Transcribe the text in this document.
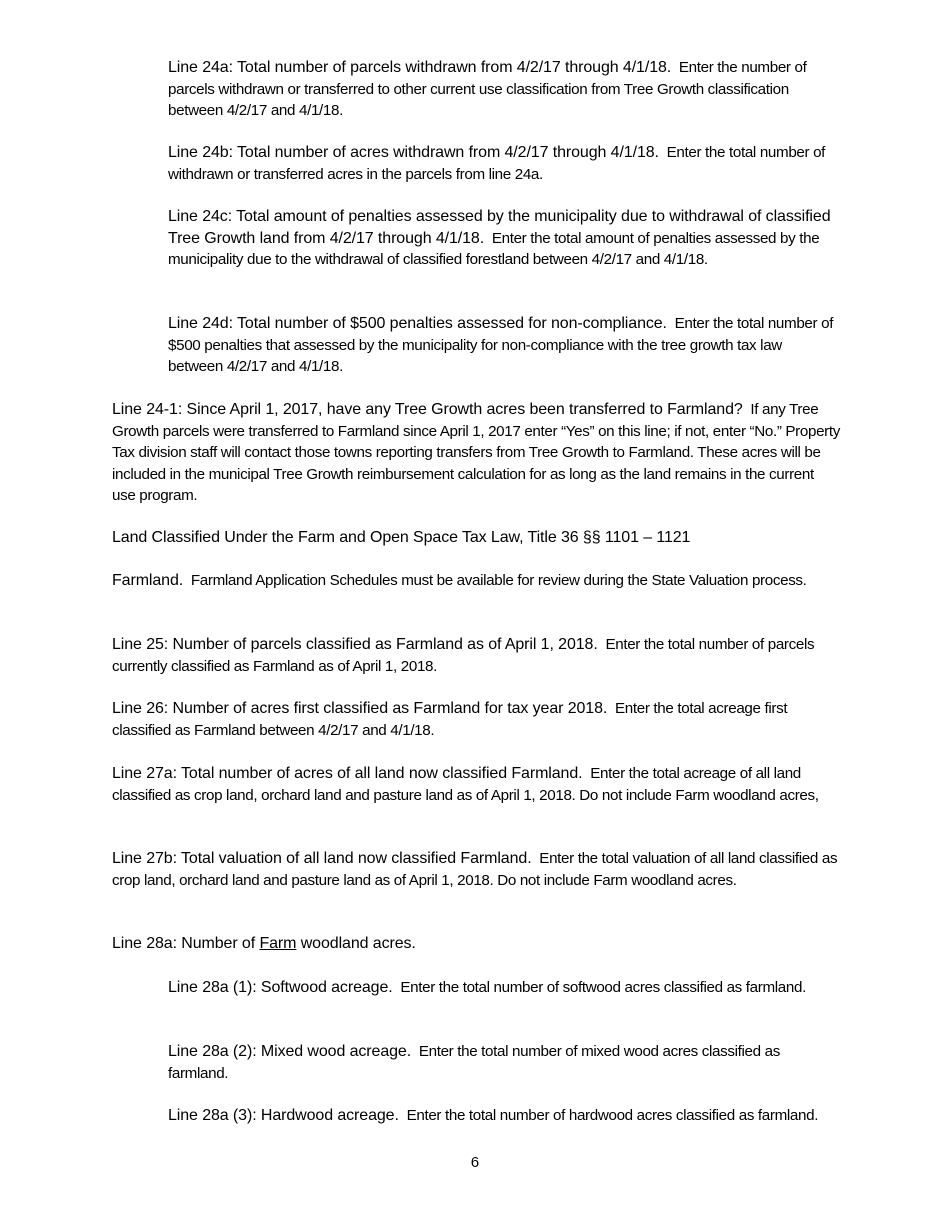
Line 24a: Total number of parcels withdrawn from 4/2/17 through 4/1/18. Enter the number of parcels withdrawn or transferred to other current use classification from Tree Growth classification between 4/2/17 and 4/1/18.

Line 24b: Total number of acres withdrawn from 4/2/17 through 4/1/18. Enter the total number of withdrawn or transferred acres in the parcels from line 24a.

Line 24c: Total amount of penalties assessed by the municipality due to withdrawal of classified Tree Growth land from 4/2/17 through 4/1/18. Enter the total amount of penalties assessed by the municipality due to the withdrawal of classified forestland between 4/2/17 and 4/1/18.

Line 24d: Total number of $500 penalties assessed for non-compliance. Enter the total number of $500 penalties that assessed by the municipality for non-compliance with the tree growth tax law between 4/2/17 and 4/1/18.

Line 24-1: Since April 1, 2017, have any Tree Growth acres been transferred to Farmland? If any Tree Growth parcels were transferred to Farmland since April 1, 2017 enter “Yes” on this line; if not, enter “No.” Property Tax division staff will contact those towns reporting transfers from Tree Growth to Farmland. These acres will be included in the municipal Tree Growth reimbursement calculation for as long as the land remains in the current use program.

Land Classified Under the Farm and Open Space Tax Law, Title 36 §§ 1101 – 1121

Farmland. Farmland Application Schedules must be available for review during the State Valuation process.

Line 25: Number of parcels classified as Farmland as of April 1, 2018. Enter the total number of parcels currently classified as Farmland as of April 1, 2018.

Line 26: Number of acres first classified as Farmland for tax year 2018. Enter the total acreage first classified as Farmland between 4/2/17 and 4/1/18.

Line 27a: Total number of acres of all land now classified Farmland. Enter the total acreage of all land classified as crop land, orchard land and pasture land as of April 1, 2018. Do not include Farm woodland acres,

Line 27b: Total valuation of all land now classified Farmland. Enter the total valuation of all land classified as crop land, orchard land and pasture land as of April 1, 2018. Do not include Farm woodland acres.

Line 28a: Number of Farm woodland acres.

Line 28a (1): Softwood acreage. Enter the total number of softwood acres classified as farmland.

Line 28a (2): Mixed wood acreage. Enter the total number of mixed wood acres classified as farmland.

Line 28a (3): Hardwood acreage. Enter the total number of hardwood acres classified as farmland.

6
